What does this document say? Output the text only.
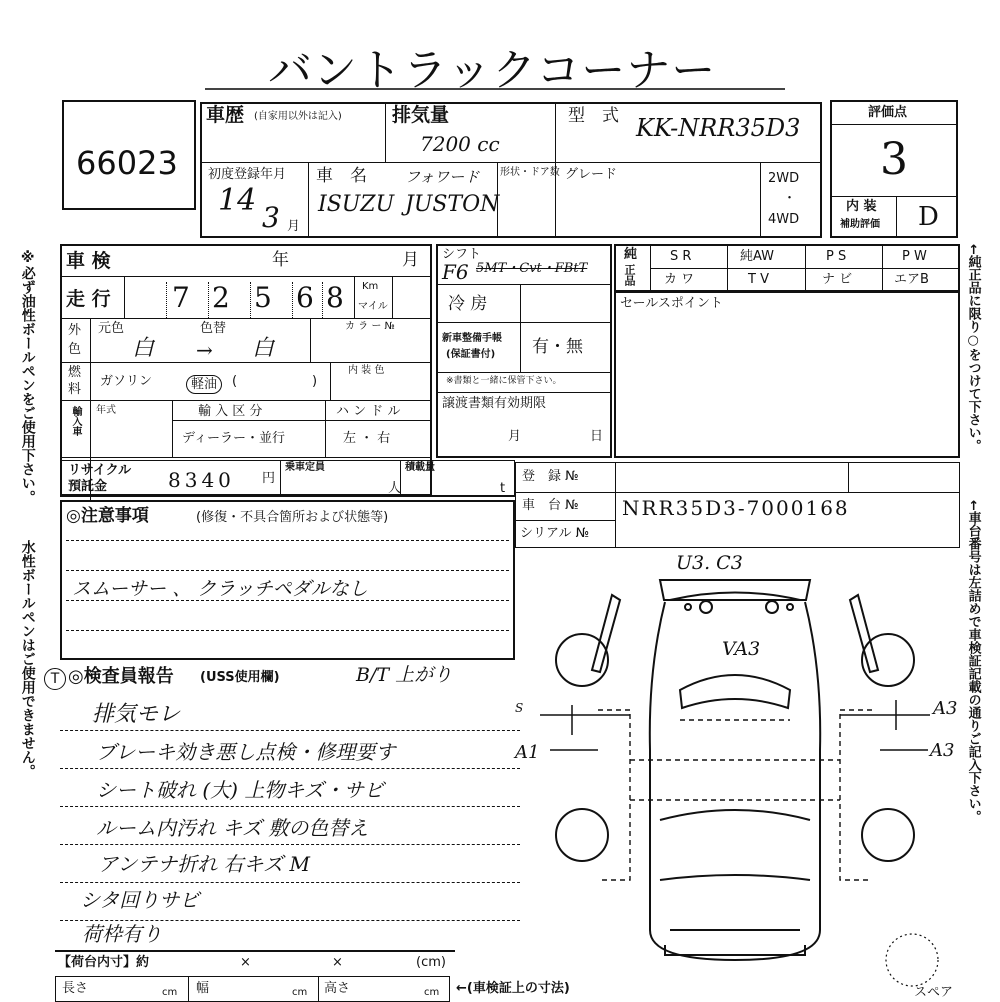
バントラックコーナー
66023
車歴 (自家用以外は記入)	排気量
7200 cc
型　式 KK-NRR35D3
初度登録年月
14 3 月
車　名	フォワード
ISUZU JUSTON
形状・ドア数 グレード	2WD
・
4WD
評価点
3
内 装
補助評価 D
車 検	年	月
走 行 7 2 5 6 8 Km
マイル
外
色
元色	色替	カ ラ ー №
白 → 白
燃
料
ガソリン	軽油	(	)
内 装 色
輸入車 年式	輸 入 区 分
ディーラー・並行
ハ ン ド ル
左 ・ 右
リサイクル
預託金	8340 円
乗車定員
人
積載量
t
シフト
F6 5MT・Cvt・FBtT
冷 房
新車整備手帳
(保証書付) 有・無
※書類と一緒に保管下さい。
譲渡書類有効期限
月	日
純
正品
S R	純AW	P S	P W
カ ワ	T V	ナ ビ	エアB
セールスポイント
登　録 №
車　台 № NRR35D3-7000168
シリアル №
◎注意事項	(修復・不具合箇所および状態等)
スムーサー 、 クラッチペダルなし
T ◎検査員報告 (USS使用欄)	B/T 上がり
排気モレ
ブレーキ効き悪し点検・修理要す
シート破れ (大) 上物キズ・サビ
ルーム内汚れ キズ 敷の色替え
アンテナ折れ 右キズ M
シタ回りサビ
荷枠有り
【荷台内寸】約	×	×	(cm)
長さ	cm 幅	cm 高さ	cm ←(車検証上の寸法)
U3. C3
VA3
S
A1
A3
A3
スペア
※必ず油性ボールペンをご使用下さい。
水性ボールペンはご使用できません。
←純正品に限り○をつけて下さい。
←車台番号は左詰めで車検証記載の通りご記入下さい。
